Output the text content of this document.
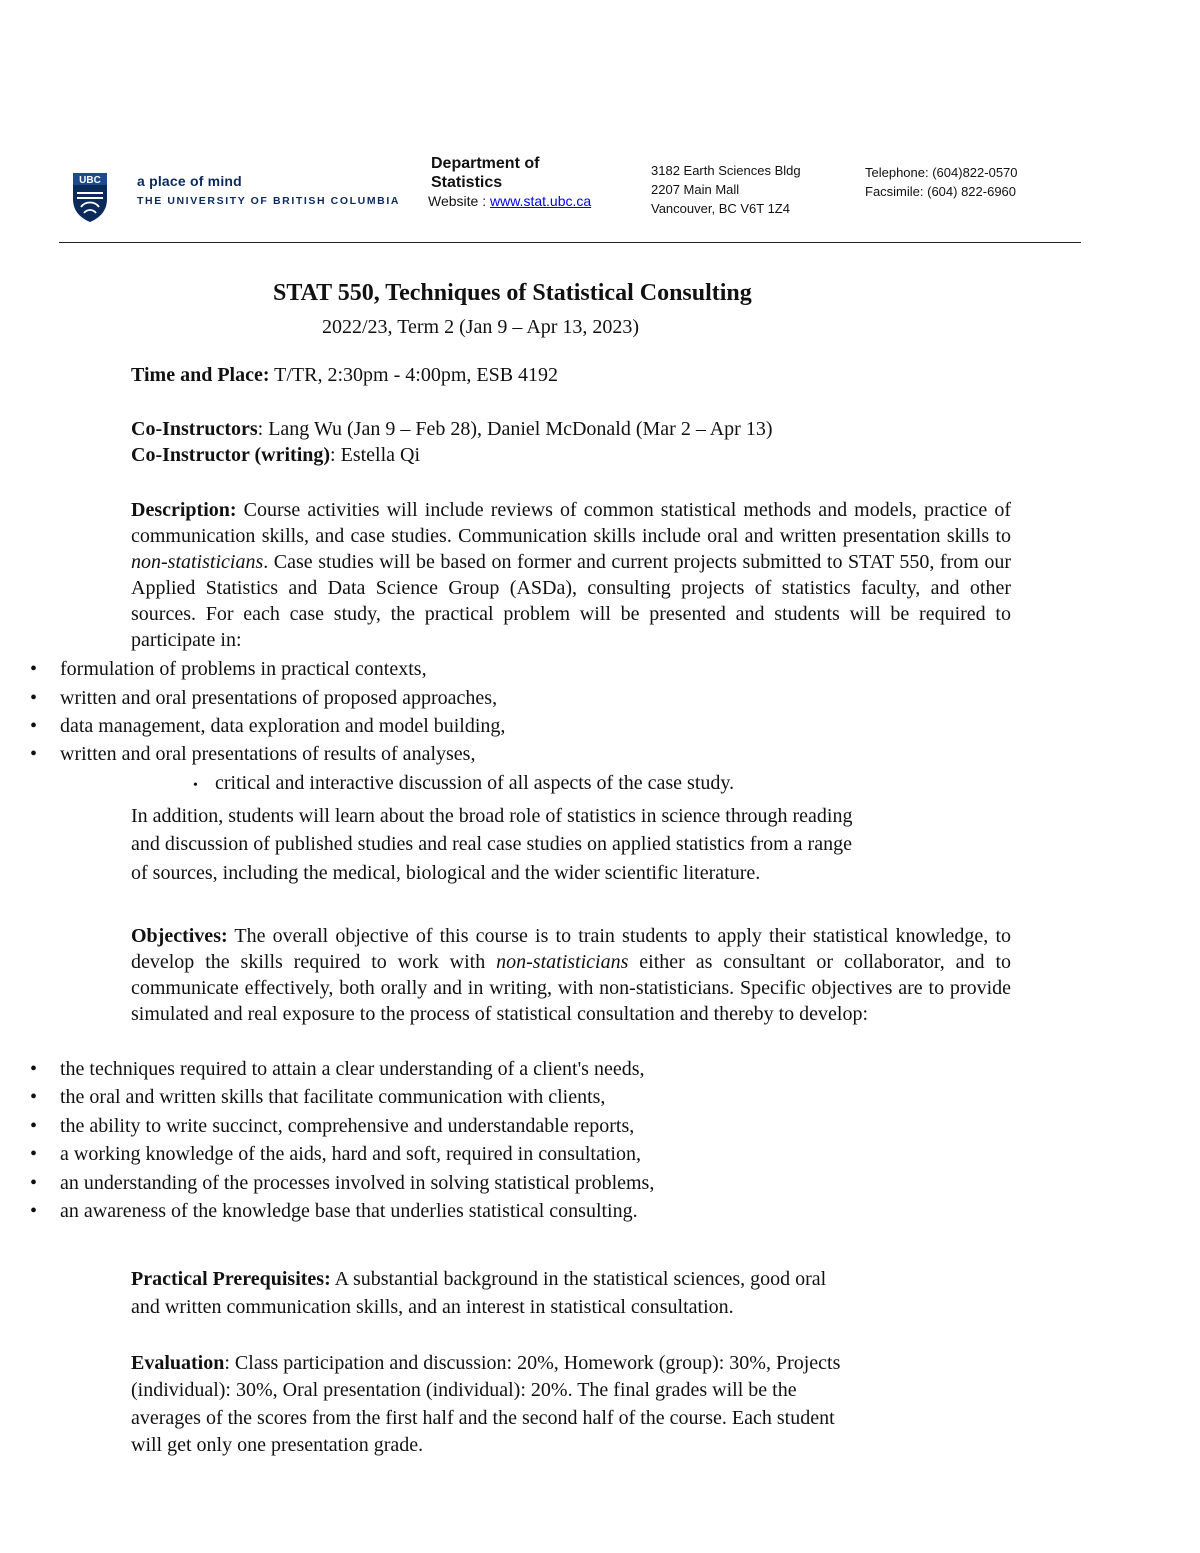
UBC	a place of mind
THE UNIVERSITY OF BRITISH COLUMBIA
Department of
Statistics
Website : www.stat.ubc.ca
3182 Earth Sciences Bldg
2207 Main Mall
Vancouver, BC V6T 1Z4
Telephone: (604)822-0570
Facsimile: (604) 822-6960
STAT 550, Techniques of Statistical Consulting
2022/23, Term 2 (Jan 9 – Apr 13, 2023)
Time and Place: T/TR, 2:30pm - 4:00pm, ESB 4192
Co-Instructors: Lang Wu (Jan 9 – Feb 28), Daniel McDonald (Mar 2 – Apr 13)
Co-Instructor (writing): Estella Qi
Description: Course activities will include reviews of common statistical methods and models, practice of communication skills, and case studies. Communication skills include oral and written presentation skills to non-statisticians. Case studies will be based on former and current projects submitted to STAT 550, from our Applied Statistics and Data Science Group (ASDa), consulting projects of statistics faculty, and other sources. For each case study, the practical problem will be presented and students will be required to participate in:
• formulation of problems in practical contexts,
• written and oral presentations of proposed approaches,
• data management, data exploration and model building,
• written and oral presentations of results of analyses,
• critical and interactive discussion of all aspects of the case study.
In addition, students will learn about the broad role of statistics in science through reading
and discussion of published studies and real case studies on applied statistics from a range
of sources, including the medical, biological and the wider scientific literature.
Objectives: The overall objective of this course is to train students to apply their statistical knowledge, to develop the skills required to work with non-statisticians either as consultant or collaborator, and to communicate effectively, both orally and in writing, with non-statisticians. Specific objectives are to provide simulated and real exposure to the process of statistical consultation and thereby to develop:
• the techniques required to attain a clear understanding of a client's needs,
• the oral and written skills that facilitate communication with clients,
• the ability to write succinct, comprehensive and understandable reports,
• a working knowledge of the aids, hard and soft, required in consultation,
• an understanding of the processes involved in solving statistical problems,
• an awareness of the knowledge base that underlies statistical consulting.
Practical Prerequisites: A substantial background in the statistical sciences, good oral
and written communication skills, and an interest in statistical consultation.
Evaluation: Class participation and discussion: 20%, Homework (group): 30%, Projects
(individual): 30%, Oral presentation (individual): 20%. The final grades will be the
averages of the scores from the first half and the second half of the course. Each student
will get only one presentation grade.
